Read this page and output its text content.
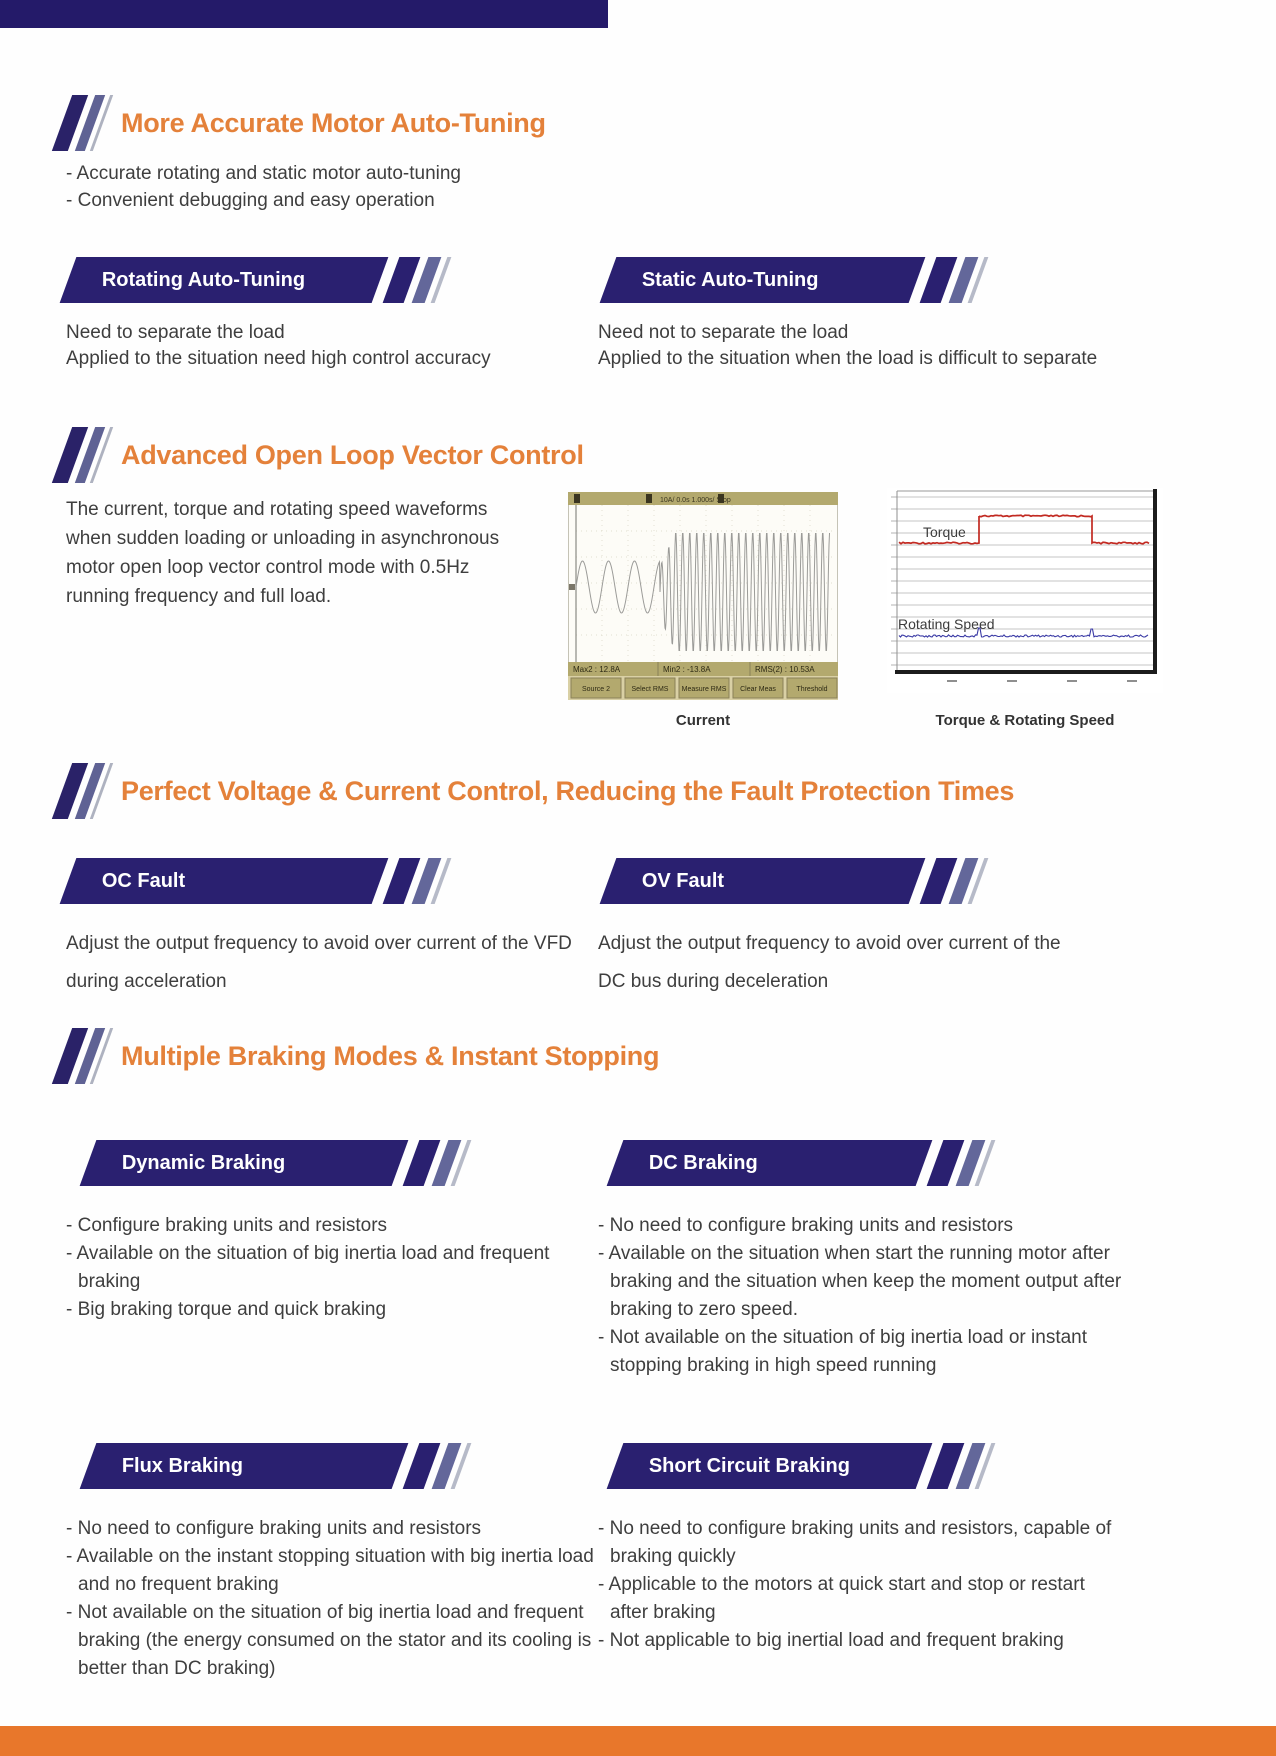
More Accurate Motor Auto-Tuning
- Accurate rotating and static motor auto-tuning
- Convenient debugging and easy operation
Rotating Auto-Tuning	Static Auto-Tuning
Need to separate the load
Applied to the situation need high control accuracy
Need not to separate the load
Applied to the situation when the load is difficult to separate
Advanced Open Loop Vector Control
The current, torque and rotating speed waveforms when sudden loading or unloading in asynchronous motor open loop vector control mode with 0.5Hz running frequency and full load.
10A/ 0.0s 1.000s/ Stop
Max2 : 12.8A	Min2 : -13.8A	RMS(2) : 10.53A
Source 2	Select RMS Measure RMS Clear Meas	Threshold
Current
Torque
Rotating Speed
Torque & Rotating Speed
Perfect Voltage & Current Control, Reducing the Fault Protection Times
OC Fault	OV Fault
Adjust the output frequency to avoid over current of the VFD during acceleration
Adjust the output frequency to avoid over current of the DC bus during deceleration
Multiple Braking Modes & Instant Stopping
Dynamic Braking	DC Braking
- Configure braking units and resistors
- Available on the situation of big inertia load and frequent braking
- Big braking torque and quick braking
- No need to configure braking units and resistors
- Available on the situation when start the running motor after braking and the situation when keep the moment output after braking to zero speed.
- Not available on the situation of big inertia load or instant stopping braking in high speed running
Flux Braking	Short Circuit Braking
- No need to configure braking units and resistors
- Available on the instant stopping situation with big inertia load and no frequent braking
- Not available on the situation of big inertia load and frequent braking (the energy consumed on the stator and its cooling is better than DC braking)
- No need to configure braking units and resistors, capable of braking quickly
- Applicable to the motors at quick start and stop or restart after braking
- Not applicable to big inertial load and frequent braking
